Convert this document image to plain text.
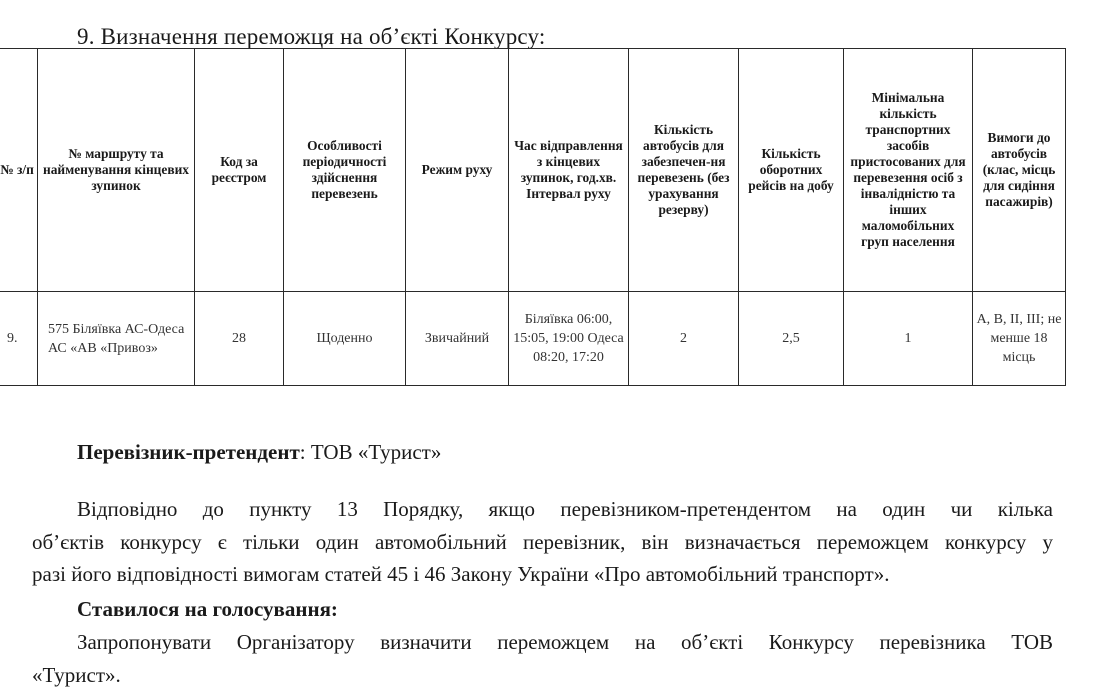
9. Визначення переможця на об’єкті Конкурсу:
№ з/п	№ маршруту та найменування кінцевих зупинок	Код за реєстром	Особливості періодичності здійснення перевезень	Режим руху	Час відправлення з кінцевих зупинок, год.хв. Інтервал руху	Кількість автобусів для забезпечен-ня перевезень (без урахування резерву)	Кількість оборотних рейсів на добу	Мінімальна кількість транспортних засобів пристосованих для перевезення осіб з інвалідністю та інших маломобільних груп населення	Вимоги до автобусів (клас, місць для сидіння пасажирів)
9.	575 Біляївка АС-Одеса АС «АВ «Привоз»	28	Щоденно	Звичайний	Біляївка 06:00, 15:05, 19:00 Одеса 08:20, 17:20	2	2,5	1	А, В, ІІ, ІІІ; не менше 18 місць
Перевізник-претендент: ТОВ «Турист»
Відповідно до пункту 13 Порядку, якщо перевізником-претендентом на один чи кілька
об’єктів конкурсу є тільки один автомобільний перевізник, він визначається переможцем конкурсу у
разі його відповідності вимогам статей 45 і 46 Закону України «Про автомобільний транспорт».
Ставилося на голосування:
Запропонувати Організатору визначити переможцем на об’єкті Конкурсу перевізника ТОВ
«Турист».
